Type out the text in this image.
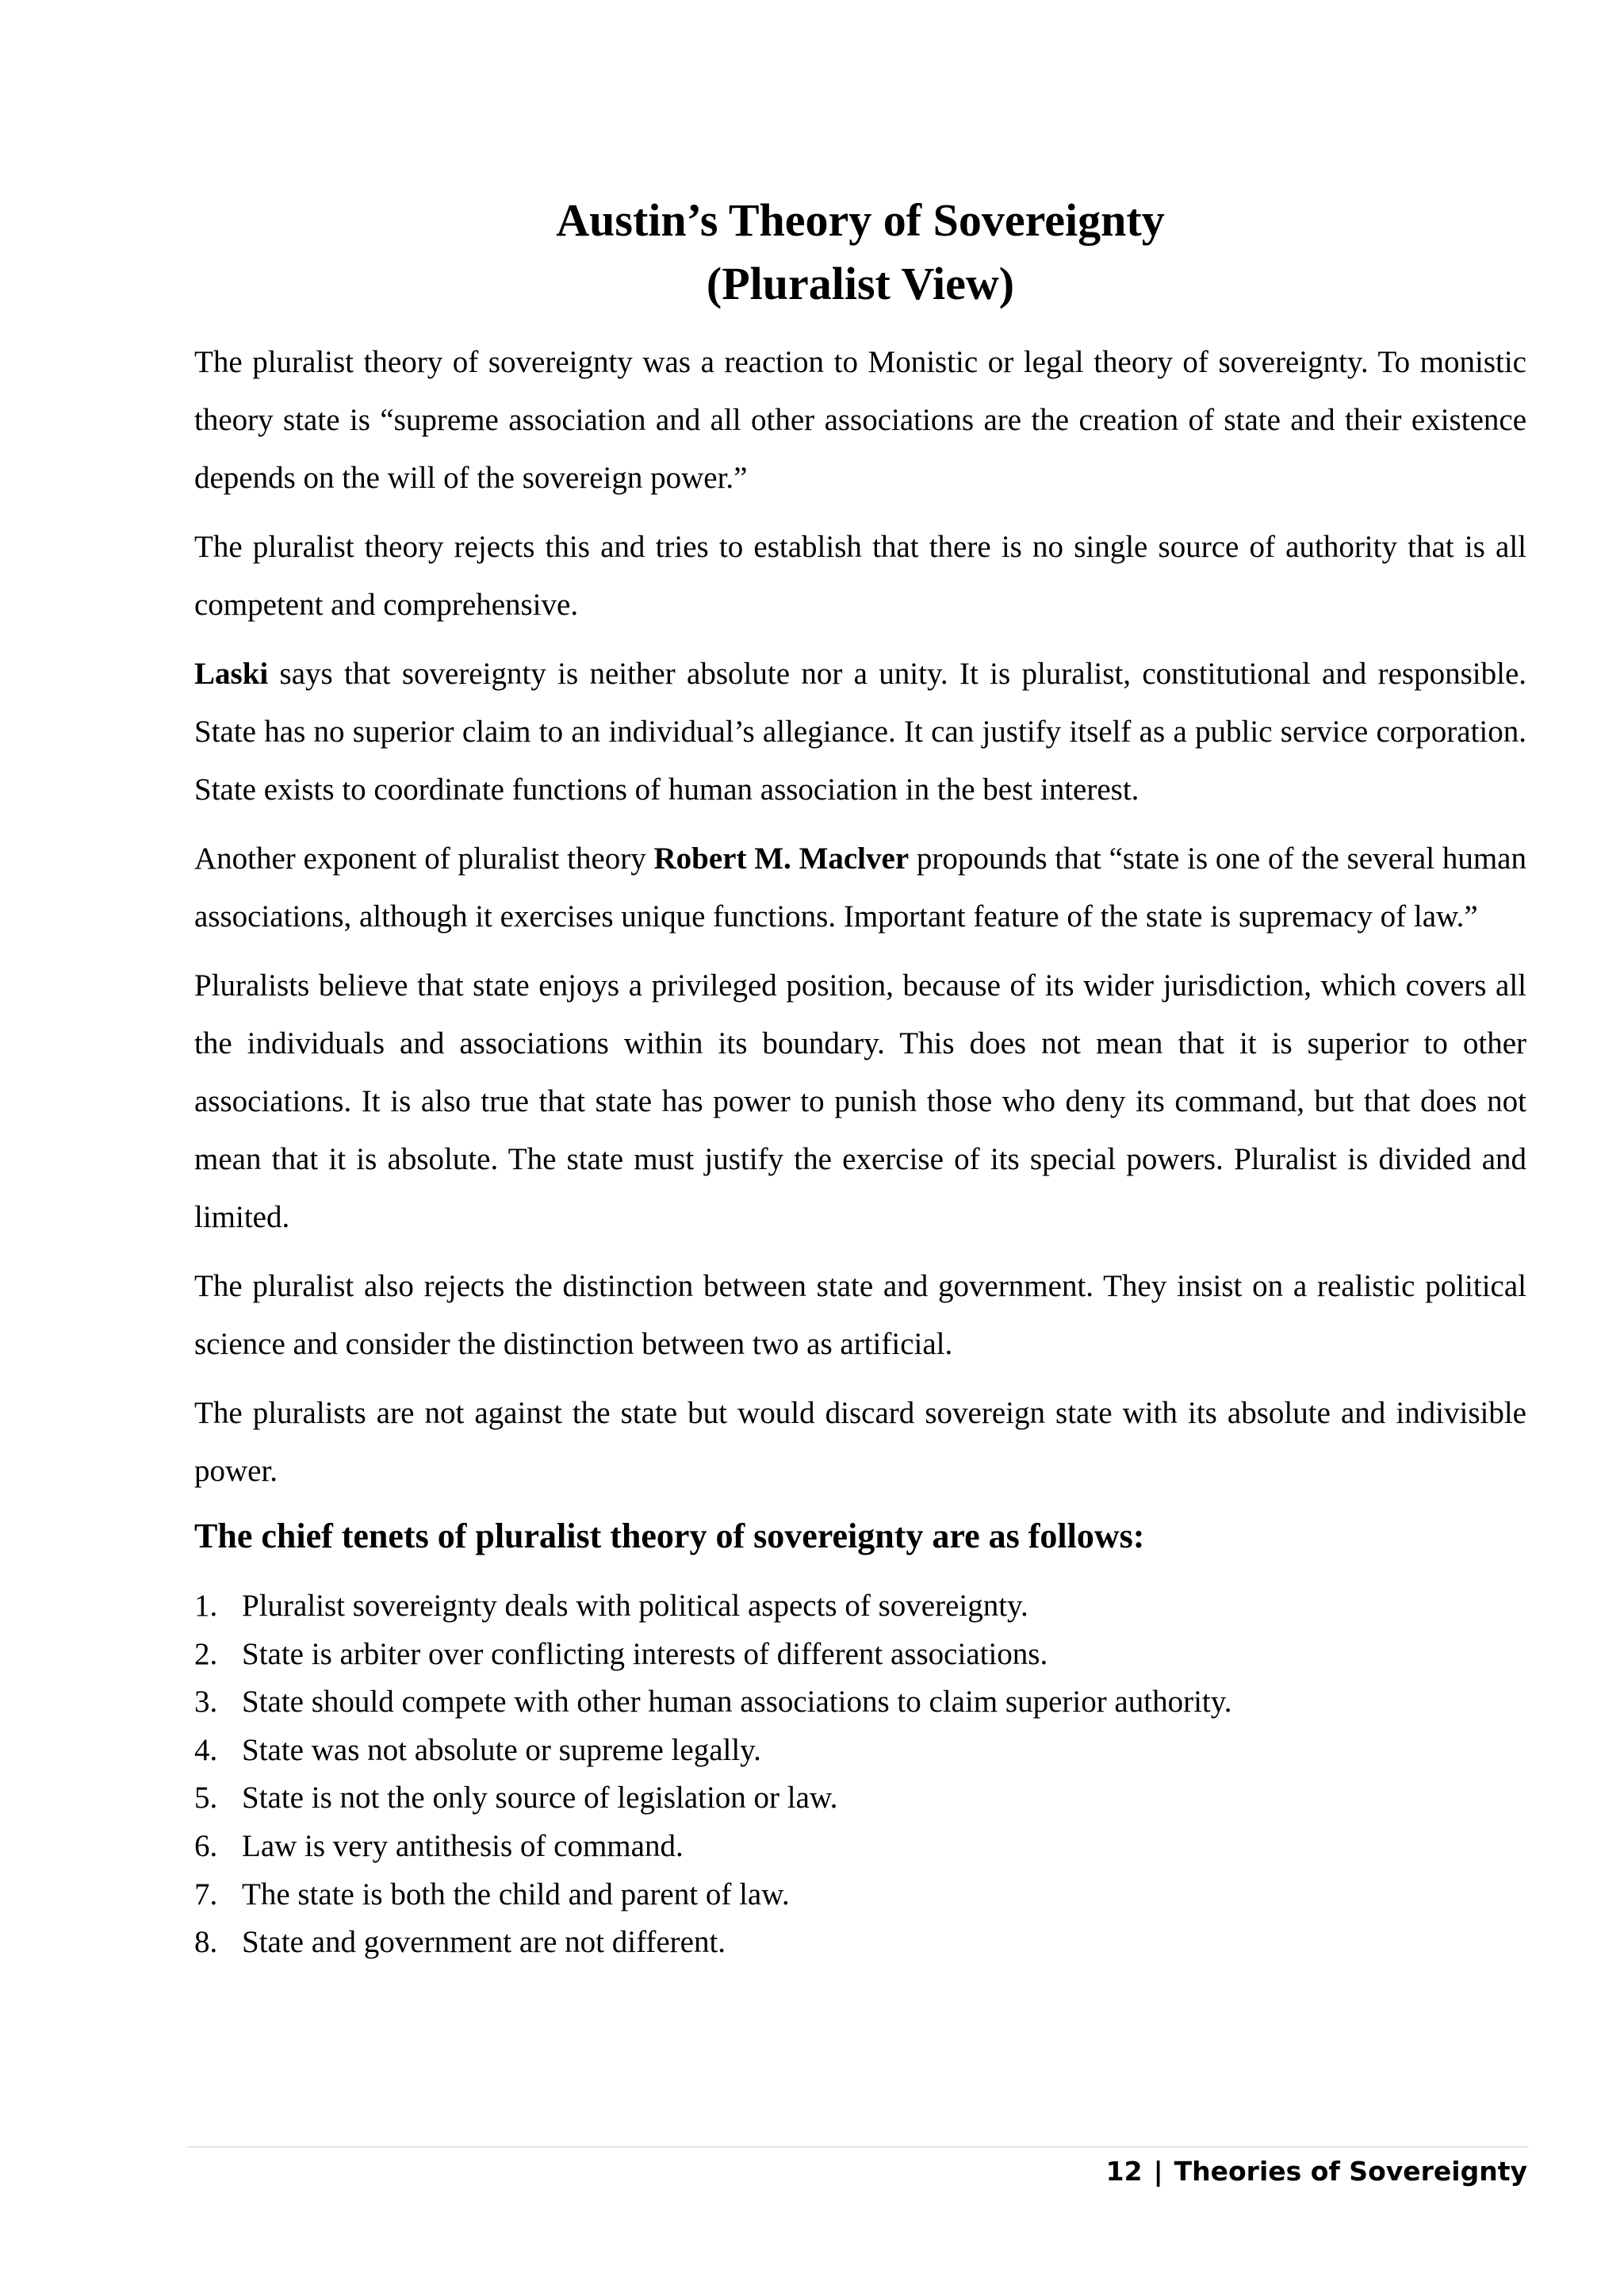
Austin’s Theory of Sovereignty
(Pluralist View)

The pluralist theory of sovereignty was a reaction to Monistic or legal theory of sovereignty. To monistic theory state is “supreme association and all other associations are the creation of state and their existence depends on the will of the sovereign power.”

The pluralist theory rejects this and tries to establish that there is no single source of authority that is all competent and comprehensive.

Laski says that sovereignty is neither absolute nor a unity. It is pluralist, constitutional and responsible. State has no superior claim to an individual’s allegiance. It can justify itself as a public service corporation. State exists to coordinate functions of human association in the best interest.

Another exponent of pluralist theory Robert M. Maclver propounds that “state is one of the several human associations, although it exercises unique functions. Important feature of the state is supremacy of law.”

Pluralists believe that state enjoys a privileged position, because of its wider jurisdiction, which covers all the individuals and associations within its boundary. This does not mean that it is superior to other associations. It is also true that state has power to punish those who deny its command, but that does not mean that it is absolute. The state must justify the exercise of its special powers. Pluralist is divided and limited.

The pluralist also rejects the distinction between state and government. They insist on a realistic political science and consider the distinction between two as artificial.

The pluralists are not against the state but would discard sovereign state with its absolute and indivisible power.

The chief tenets of pluralist theory of sovereignty are as follows:
1. Pluralist sovereignty deals with political aspects of sovereignty.
2. State is arbiter over conflicting interests of different associations.
3. State should compete with other human associations to claim superior authority.
4. State was not absolute or supreme legally.
5. State is not the only source of legislation or law.
6. Law is very antithesis of command.
7. The state is both the child and parent of law.
8. State and government are not different.
12 | Theories of Sovereignty
